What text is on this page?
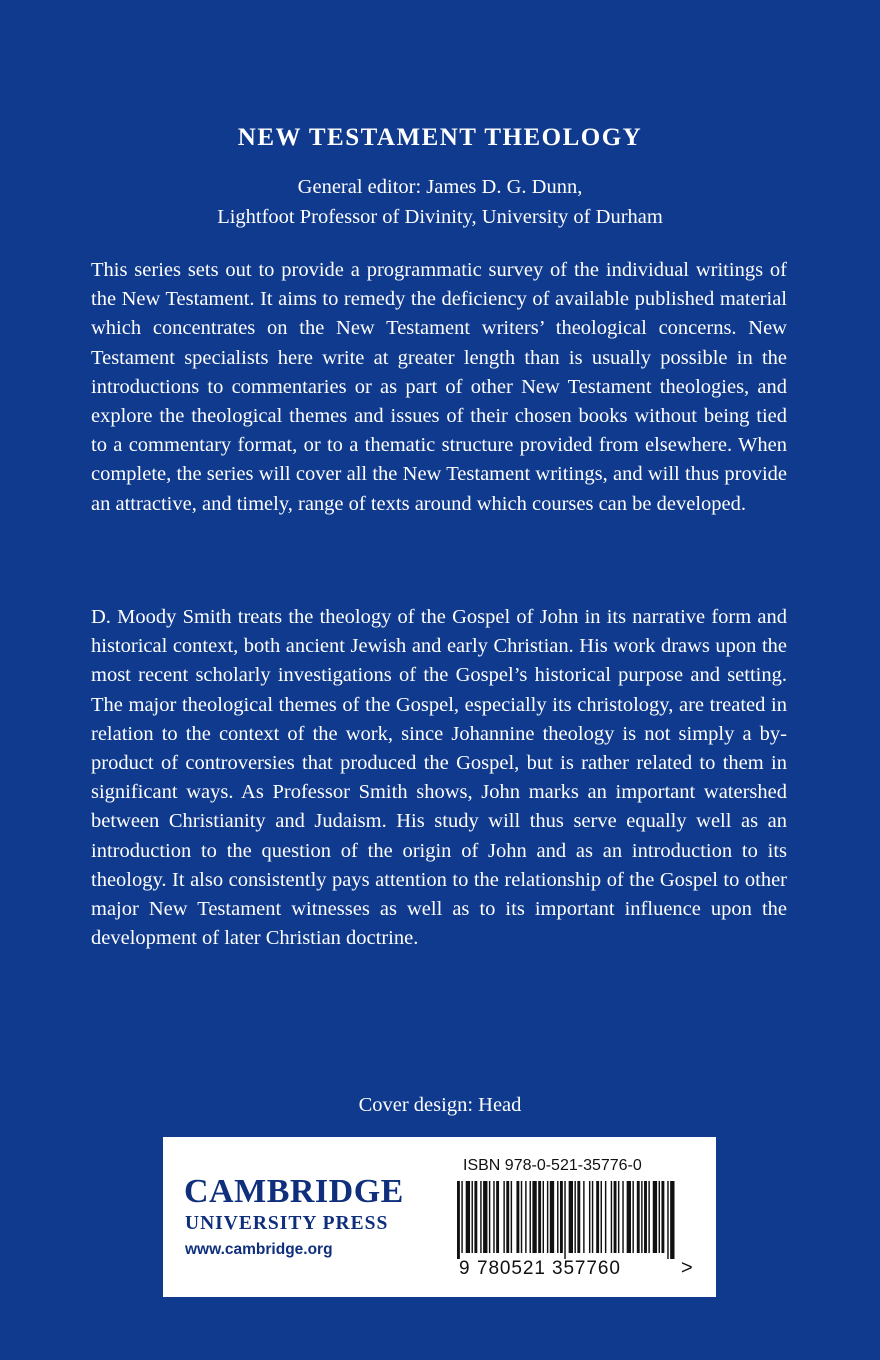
NEW TESTAMENT THEOLOGY
General editor: James D. G. Dunn,
Lightfoot Professor of Divinity, University of Durham
This series sets out to provide a programmatic survey of the individual writings of the New Testament. It aims to remedy the deficiency of available published material which concentrates on the New Testament writers’ theological concerns. New Testament specialists here write at greater length than is usually possible in the introductions to commentaries or as part of other New Testament theologies, and explore the theological themes and issues of their chosen books without being tied to a commentary format, or to a thematic structure provided from elsewhere. When complete, the series will cover all the New Testament writings, and will thus provide an attractive, and timely, range of texts around which courses can be developed.
D. Moody Smith treats the theology of the Gospel of John in its narrative form and historical context, both ancient Jewish and early Christian. His work draws upon the most recent scholarly investigations of the Gospel’s historical purpose and setting. The major theological themes of the Gospel, especially its christology, are treated in relation to the context of the work, since Johannine theology is not simply a by-product of controversies that produced the Gospel, but is rather related to them in significant ways. As Professor Smith shows, John marks an important watershed between Christianity and Judaism. His study will thus serve equally well as an introduction to the question of the origin of John and as an introduction to its theology. It also consistently pays attention to the relationship of the Gospel to other major New Testament witnesses as well as to its important influence upon the development of later Christian doctrine.
Cover design: Head
CAMBRIDGE
UNIVERSITY PRESS
www.cambridge.org
ISBN 978-0-521-35776-0
9 780521 357760	>
